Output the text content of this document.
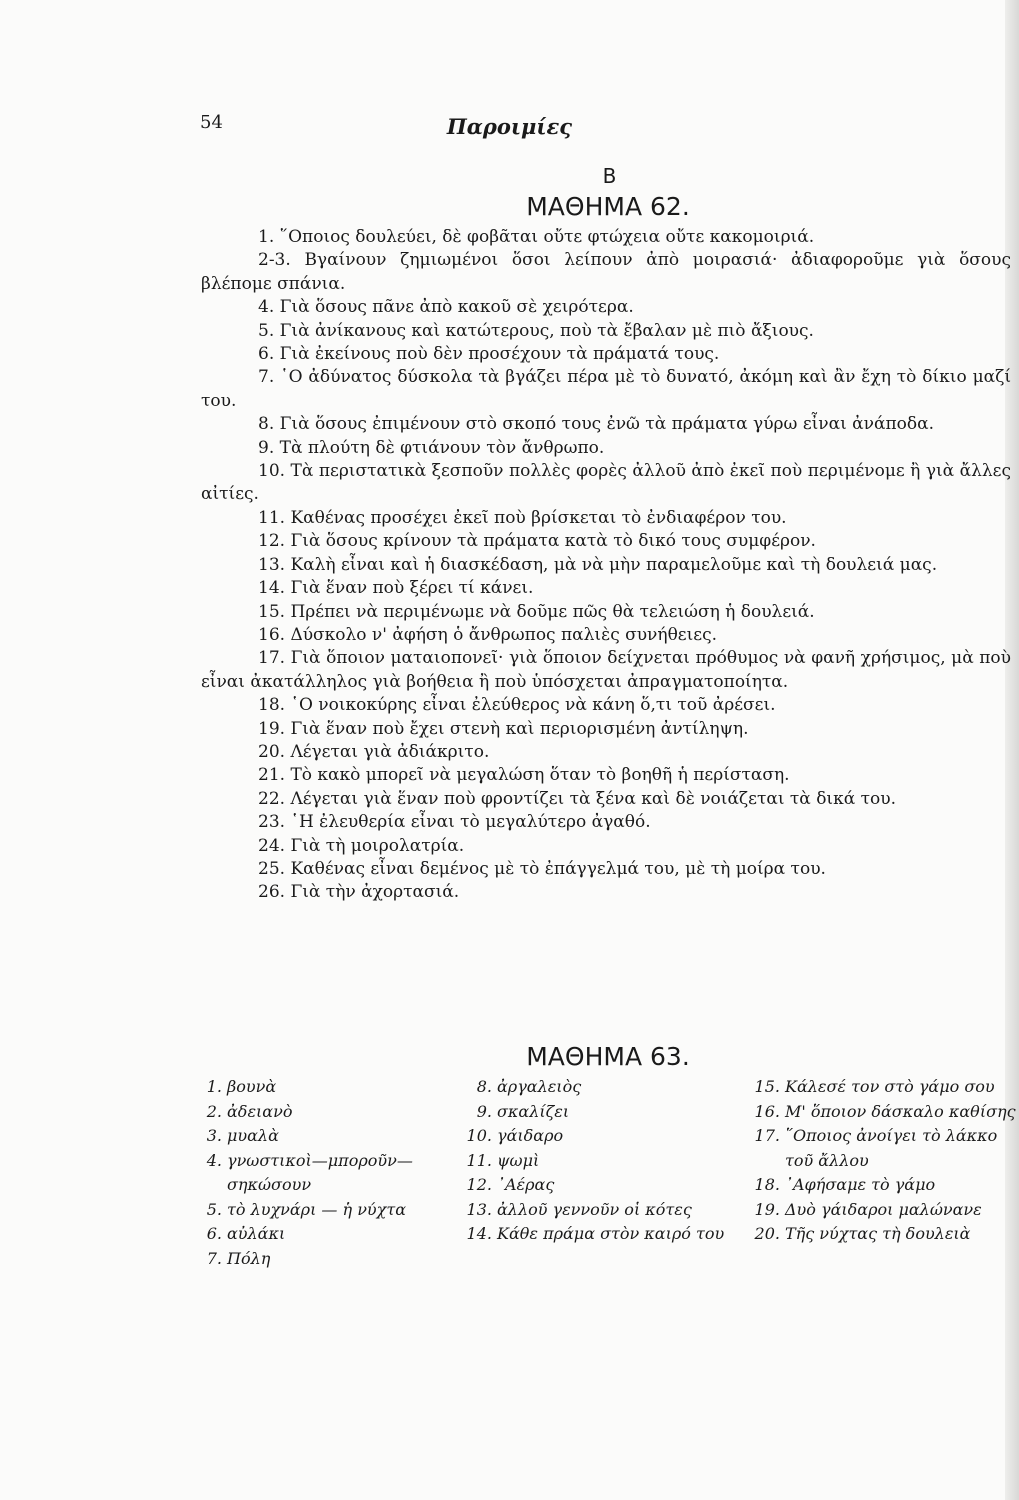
54	Παροιμίες
Β
ΜΑΘΗΜΑ 62.
1. ῞Οποιος δουλεύει, δὲ φοβᾶται οὔτε φτώχεια οὔτε κακομοιριά.
2-3. Βγαίνουν ζημιωμένοι ὅσοι λείπουν ἀπὸ μοιρασιά· ἀδιαφοροῦμε γιὰ ὅσους βλέπομε σπάνια.
4. Γιὰ ὅσους πᾶνε ἀπὸ κακοῦ σὲ χειρότερα.
5. Γιὰ ἀνίκανους καὶ κατώτερους, ποὺ τὰ ἔβαλαν μὲ πιὸ ἄξιους.
6. Γιὰ ἐκείνους ποὺ δὲν προσέχουν τὰ πράματά τους.
7. ῾Ο ἀδύνατος δύσκολα τὰ βγάζει πέρα μὲ τὸ δυνατό, ἀκόμη καὶ ἂν ἔχη τὸ δίκιο μαζί του.
8. Γιὰ ὅσους ἐπιμένουν στὸ σκοπό τους ἐνῶ τὰ πράματα γύρω εἶναι ἀνάποδα.
9. Τὰ πλούτη δὲ φτιάνουν τὸν ἄνθρωπο.
10. Τὰ περιστατικὰ ξεσποῦν πολλὲς φορὲς ἀλλοῦ ἀπὸ ἐκεῖ ποὺ περιμένομε ἢ γιὰ ἄλλες αἰτίες.
11. Καθένας προσέχει ἐκεῖ ποὺ βρίσκεται τὸ ἐνδιαφέρον του.
12. Γιὰ ὅσους κρίνουν τὰ πράματα κατὰ τὸ δικό τους συμφέρον.
13. Καλὴ εἶναι καὶ ἡ διασκέδαση, μὰ νὰ μὴν παραμελοῦμε καὶ τὴ δουλειά μας.
14. Γιὰ ἕναν ποὺ ξέρει τί κάνει.
15. Πρέπει νὰ περιμένωμε νὰ δοῦμε πῶς θὰ τελειώση ἡ δουλειά.
16. Δύσκολο ν' ἀφήση ὁ ἄνθρωπος παλιὲς συνήθειες.
17. Γιὰ ὅποιον ματαιοπονεῖ· γιὰ ὅποιον δείχνεται πρόθυμος νὰ φανῆ χρήσιμος, μὰ ποὺ εἶναι ἀκατάλληλος γιὰ βοήθεια ἢ ποὺ ὑπόσχεται ἀπραγματοποίητα.
18. ῾Ο νοικοκύρης εἶναι ἐλεύθερος νὰ κάνη ὅ,τι τοῦ ἀρέσει.
19. Γιὰ ἕναν ποὺ ἔχει στενὴ καὶ περιορισμένη ἀντίληψη.
20. Λέγεται γιὰ ἀδιάκριτο.
21. Τὸ κακὸ μπορεῖ νὰ μεγαλώση ὅταν τὸ βοηθῆ ἡ περίσταση.
22. Λέγεται γιὰ ἕναν ποὺ φροντίζει τὰ ξένα καὶ δὲ νοιάζεται τὰ δικά του.
23. ῾Η ἐλευθερία εἶναι τὸ μεγαλύτερο ἀγαθό.
24. Γιὰ τὴ μοιρολατρία.
25. Καθένας εἶναι δεμένος μὲ τὸ ἐπάγγελμά του, μὲ τὴ μοίρα του.
26. Γιὰ τὴν ἀχορτασιά.
ΜΑΘΗΜΑ 63.
1. βουνὰ
2. ἀδειανὸ
3. μυαλὰ
4. γνωστικοὶ—μποροῦν— σηκώσουν
5. τὸ λυχνάρι — ἡ νύχτα
6. αὐλάκι
7. Πόλη
8. ἀργαλειὸς
9. σκαλίζει
10. γάιδαρο
11. ψωμὶ
12. ᾿Αέρας
13. ἀλλοῦ γεννοῦν οἱ κότες
14. Κάθε πράμα στὸν καιρό του
15. Κάλεσέ τον στὸ γάμο σου
16. Μ' ὅποιον δάσκαλο καθίσης
17. ῞Οποιος ἀνοίγει τὸ λάκκο τοῦ ἄλλου
18. ᾿Αφήσαμε τὸ γάμο
19. Δυὸ γάιδαροι μαλώνανε
20. Τῆς νύχτας τὴ δουλειὰ
